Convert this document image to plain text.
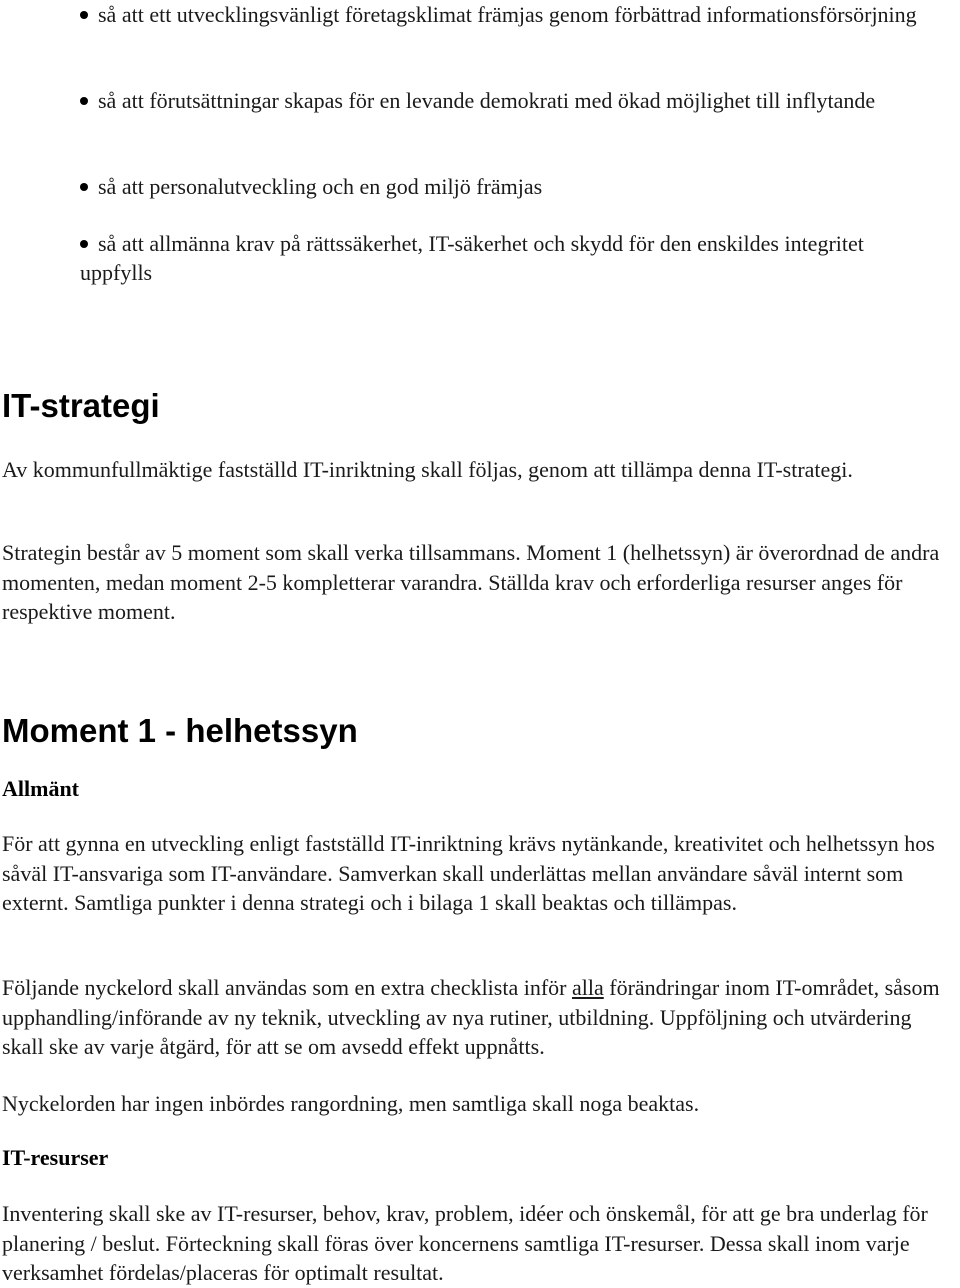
så att ett utvecklingsvänligt företagsklimat främjas genom förbättrad informationsförsörjning
så att förutsättningar skapas för en levande demokrati med ökad möjlighet till inflytande
så att personalutveckling och en god miljö främjas
så att allmänna krav på rättssäkerhet, IT-säkerhet och skydd för den enskildes integritet uppfylls
IT-strategi

Av kommunfullmäktige fastställd IT-inriktning skall följas, genom att tillämpa denna IT-strategi.

Strategin består av 5 moment som skall verka tillsammans. Moment 1 (helhetssyn) är överordnad de andra momenten, medan moment 2-5 kompletterar varandra. Ställda krav och erforderliga resurser anges för respektive moment.

Moment 1 - helhetssyn

Allmänt

För att gynna en utveckling enligt fastställd IT-inriktning krävs nytänkande, kreativitet och helhetssyn hos såväl IT-ansvariga som IT-användare. Samverkan skall underlättas mellan användare såväl internt som externt. Samtliga punkter i denna strategi och i bilaga 1 skall beaktas och tillämpas.

Följande nyckelord skall användas som en extra checklista inför alla förändringar inom IT-området, såsom upphandling/införande av ny teknik, utveckling av nya rutiner, utbildning. Uppföljning och utvärdering skall ske av varje åtgärd, för att se om avsedd effekt uppnåtts.

Nyckelorden har ingen inbördes rangordning, men samtliga skall noga beaktas.

IT-resurser

Inventering skall ske av IT-resurser, behov, krav, problem, idéer och önskemål, för att ge bra underlag för planering / beslut. Förteckning skall föras över koncernens samtliga IT-resurser. Dessa skall inom varje verksamhet fördelas/placeras för optimalt resultat.
